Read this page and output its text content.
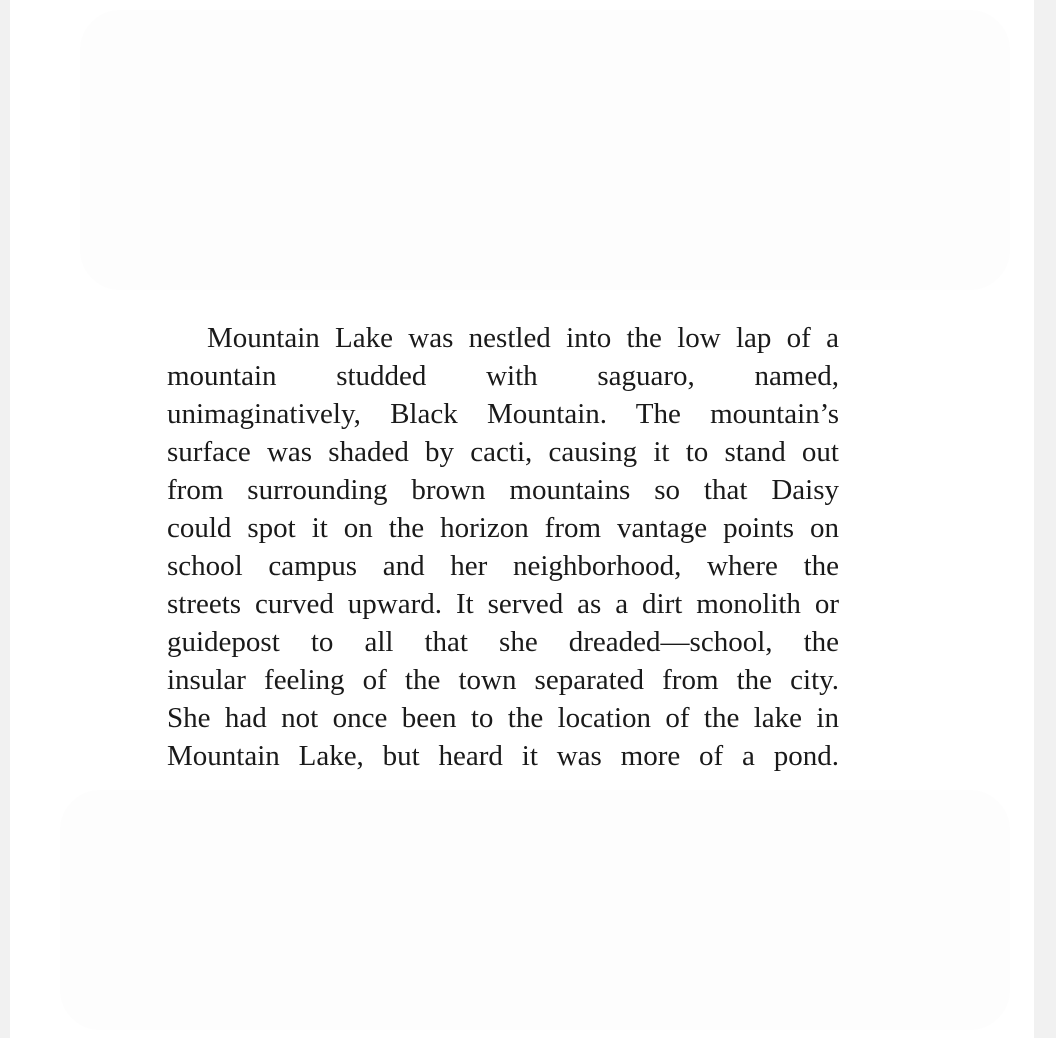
Mountain Lake was nestled into the low lap of a
mountain studded with saguaro, named,
unimaginatively, Black Mountain. The mountain’s
surface was shaded by cacti, causing it to stand out
from surrounding brown mountains so that Daisy
could spot it on the horizon from vantage points on
school campus and her neighborhood, where the
streets curved upward. It served as a dirt monolith or
guidepost to all that she dreaded—school, the
insular feeling of the town separated from the city.
She had not once been to the location of the lake in
Mountain Lake, but heard it was more of a pond.
